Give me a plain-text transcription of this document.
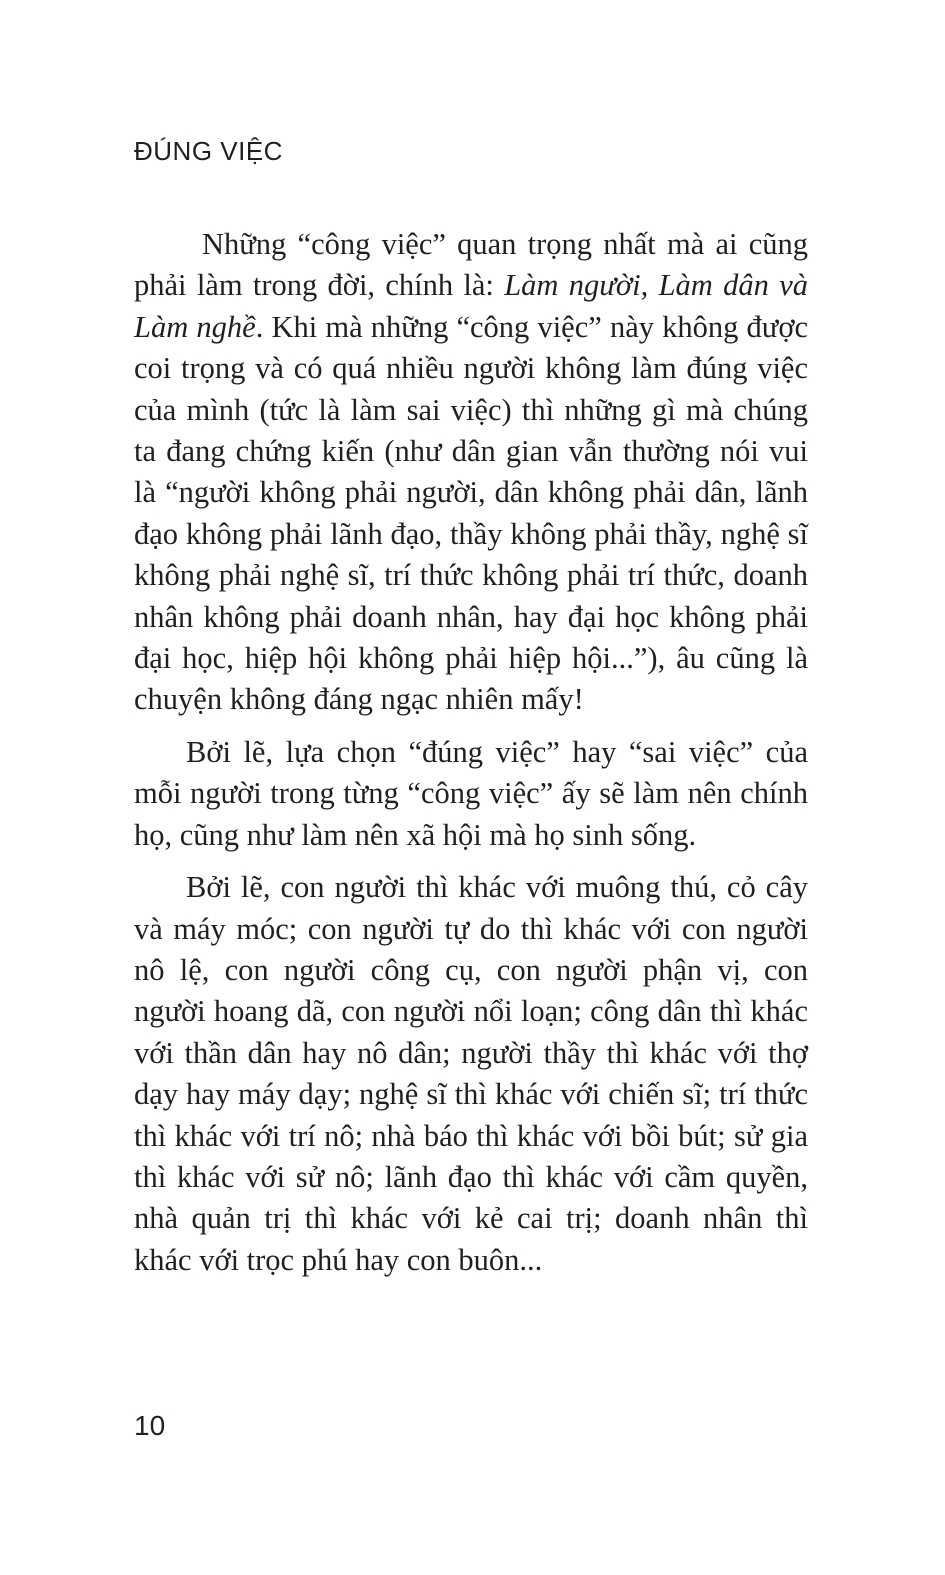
ĐÚNG VIỆC

Những “công việc” quan trọng nhất mà ai cũng phải làm trong đời, chính là: Làm người, Làm dân và Làm nghề. Khi mà những “công việc” này không được coi trọng và có quá nhiều người không làm đúng việc của mình (tức là làm sai việc) thì những gì mà chúng ta đang chứng kiến (như dân gian vẫn thường nói vui là “người không phải người, dân không phải dân, lãnh đạo không phải lãnh đạo, thầy không phải thầy, nghệ sĩ không phải nghệ sĩ, trí thức không phải trí thức, doanh nhân không phải doanh nhân, hay đại học không phải đại học, hiệp hội không phải hiệp hội...”), âu cũng là chuyện không đáng ngạc nhiên mấy!

Bởi lẽ, lựa chọn “đúng việc” hay “sai việc” của mỗi người trong từng “công việc” ấy sẽ làm nên chính họ, cũng như làm nên xã hội mà họ sinh sống.

Bởi lẽ, con người thì khác với muông thú, cỏ cây và máy móc; con người tự do thì khác với con người nô lệ, con người công cụ, con người phận vị, con người hoang dã, con người nổi loạn; công dân thì khác với thần dân hay nô dân; người thầy thì khác với thợ dạy hay máy dạy; nghệ sĩ thì khác với chiến sĩ; trí thức thì khác với trí nô; nhà báo thì khác với bồi bút; sử gia thì khác với sử nô; lãnh đạo thì khác với cầm quyền, nhà quản trị thì khác với kẻ cai trị; doanh nhân thì khác với trọc phú hay con buôn...

10
